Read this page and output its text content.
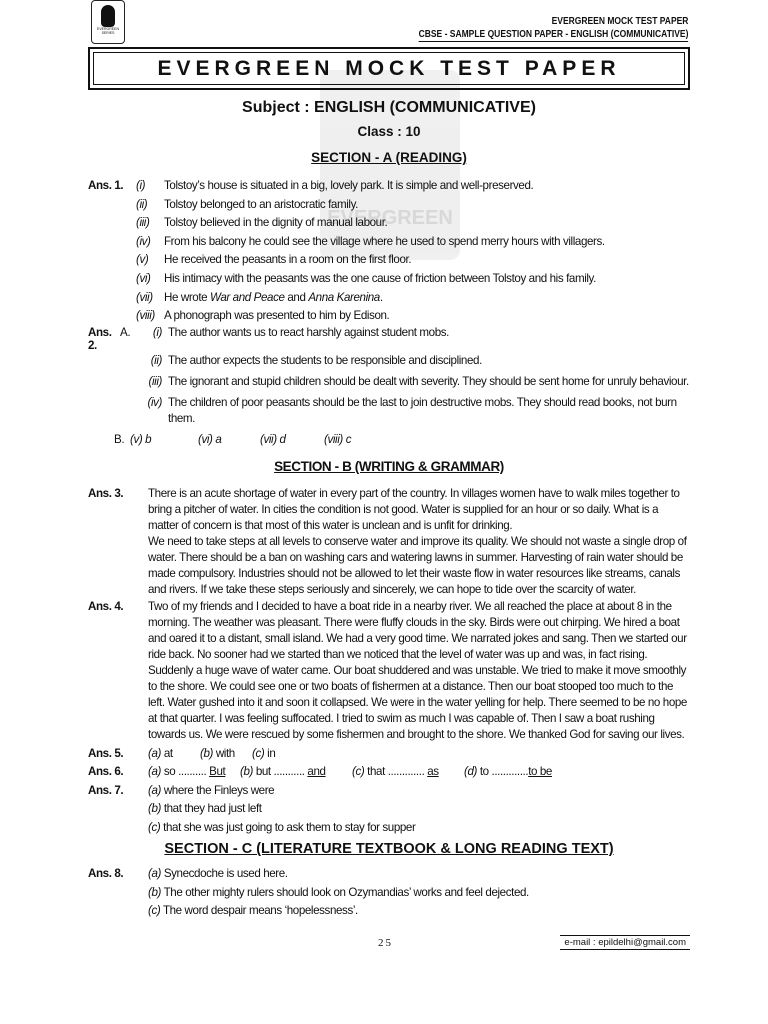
EVERGREEN
EVERGREEN
SERIES
EVERGREEN MOCK TEST PAPER
CBSE - SAMPLE QUESTION PAPER - ENGLISH (COMMUNICATIVE)
EVERGREEN MOCK TEST PAPER
Subject : ENGLISH (COMMUNICATIVE)
Class : 10
SECTION - A (READING)
Ans. 1.	(i)	Tolstoy’s house is situated in a big, lovely park. It is simple and well-preserved.
(ii)	Tolstoy belonged to an aristocratic family.
(iii)	Tolstoy believed in the dignity of manual labour.
(iv)	From his balcony he could see the village where he used to spend merry hours with villagers.
(v)	He received the peasants in a room on the first floor.
(vi)	His intimacy with the peasants was the one cause of friction between Tolstoy and his family.
(vii) He wrote War and Peace and Anna Karenina.
(viii) A phonograph was presented to him by Edison.
Ans. 2.
A.	(i) The author wants us to react harshly against student mobs.
(ii) The author expects the students to be responsible and disciplined.
(iii) The ignorant and stupid children should be dealt with severity. They should be sent home for unruly behaviour.
(iv) The children of poor peasants should be the last to join destructive mobs. They should read books, not burn them.
B. (v) b	(vi) a	(vii) d	(viii) c
SECTION - B (WRITING & GRAMMAR)
Ans. 3.	There is an acute shortage of water in every part of the country. In villages women have to walk miles together to bring a pitcher of water. In cities the condition is not good. Water is supplied for an hour or so daily. What is a matter of concern is that most of this water is unclean and is unfit for drinking.
We need to take steps at all levels to conserve water and improve its quality. We should not waste a single drop of water. There should be a ban on washing cars and watering lawns in summer. Harvesting of rain water should be made compulsory. Industries should not be allowed to let their waste flow in water resources like streams, canals and rivers. If we take these steps seriously and sincerely, we can hope to tide over the scarcity of water.
Ans. 4.	Two of my friends and I decided to have a boat ride in a nearby river. We all reached the place at about 8 in the morning. The weather was pleasant. There were fluffy clouds in the sky. Birds were out chirping. We hired a boat and oared it to a distant, small island. We had a very good time. We narrated jokes and sang. Then we started our ride back. No sooner had we started than we noticed that the level of water was up and was, in fact rising. Suddenly a huge wave of water came. Our boat shuddered and was unstable. We tried to make it move smoothly to the shore. We could see one or two boats of fishermen at a distance. Then our boat stooped too much to the left. Water gushed into it and soon it collapsed. We were in the water yelling for help. There seemed to be no hope at that quarter. I was feeling suffocated. I tried to swim as much I was capable of. Then I saw a boat rushing towards us. We were rescued by some fishermen and brought to the shore. We thanked God for saving our lives.
Ans. 5.	(a) at	(b) with	(c) in
Ans. 6.	(a) so .......... But	(b) but ........... and	(c) that ............. as	(d) to .............to be
Ans. 7.	(a) where the Finleys were
(b) that they had just left
(c) that she was just going to ask them to stay for supper
SECTION - C (LITERATURE TEXTBOOK & LONG READING TEXT)
Ans. 8.	(a) Synecdoche is used here.
(b) The other mighty rulers should look on Ozymandias’ works and feel dejected.
(c) The word despair means ‘hopelessness’.
25	e-mail : epildelhi@gmail.com
